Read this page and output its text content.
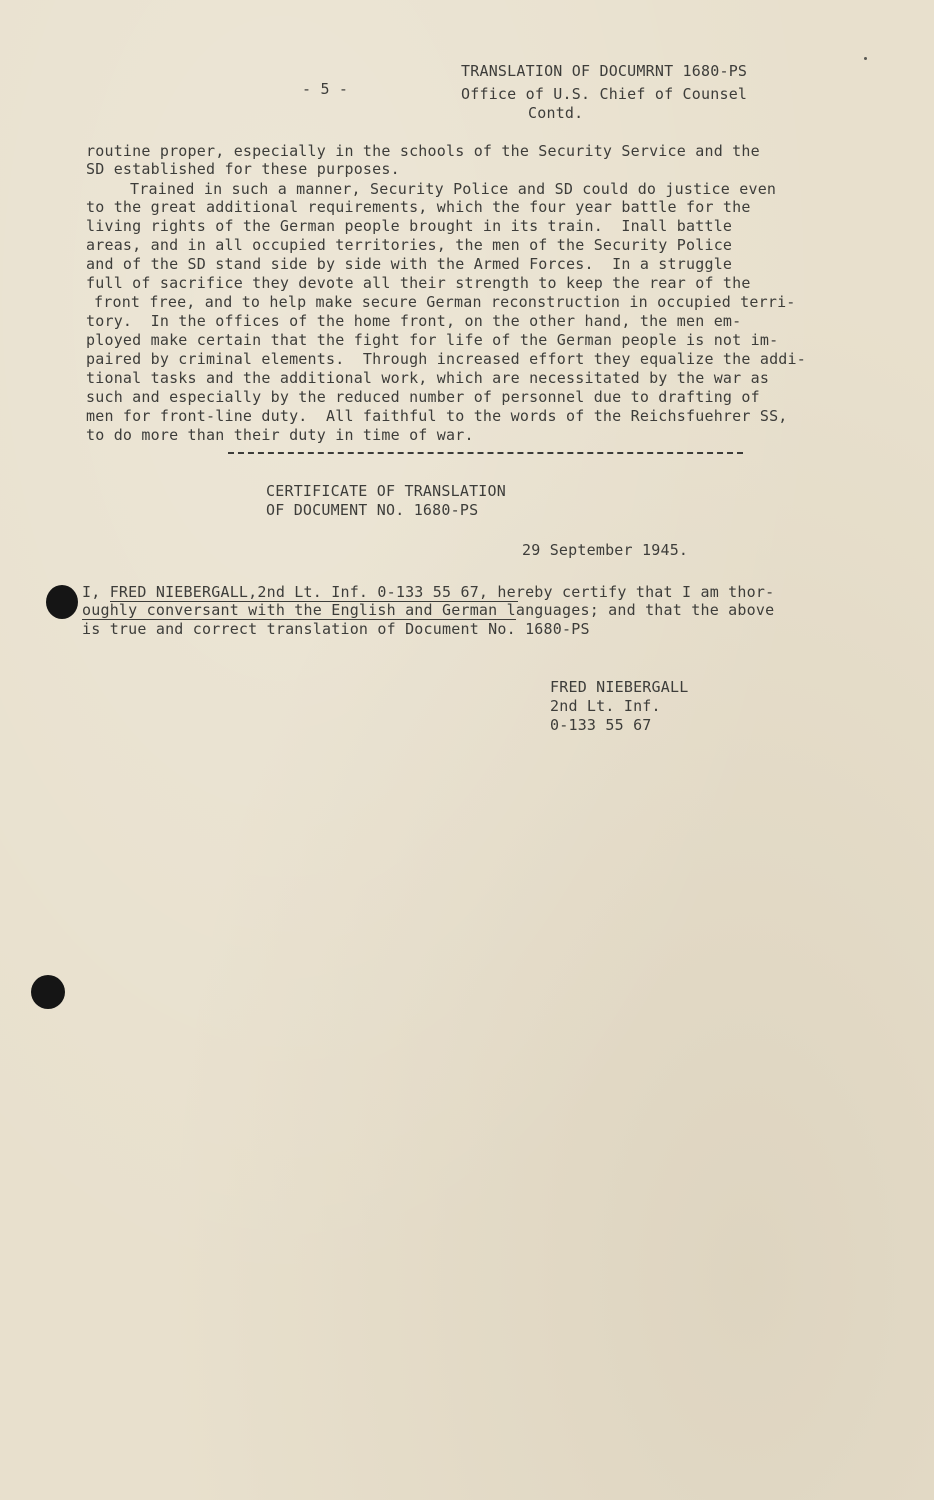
- 5 -
TRANSLATION OF DOCUMRNT 1680-PS
Office of U.S. Chief of Counsel
Contd.
routine proper, especially in the schools of the Security Service and the
SD established for these purposes.
Trained in such a manner, Security Police and SD could do justice even
to the great additional requirements, which the four year battle for the
living rights of the German people brought in its train.  Inall battle
areas, and in all occupied territories, the men of the Security Police
and of the SD stand side by side with the Armed Forces.  In a struggle
full of sacrifice they devote all their strength to keep the rear of the
front free, and to help make secure German reconstruction in occupied terri-
tory.  In the offices of the home front, on the other hand, the men em-
ployed make certain that the fight for life of the German people is not im-
paired by criminal elements.  Through increased effort they equalize the addi-
tional tasks and the additional work, which are necessitated by the war as
such and especially by the reduced number of personnel due to drafting of
men for front-line duty.  All faithful to the words of the Reichsfuehrer SS,
to do more than their duty in time of war.
CERTIFICATE OF TRANSLATION
OF DOCUMENT NO. 1680-PS
29 September 1945.
I, FRED NIEBERGALL,2nd Lt. Inf. 0-133 55 67, hereby certify that I am thor-
oughly conversant with the English and German languages; and that the above
is true and correct translation of Document No. 1680-PS
FRED NIEBERGALL
2nd Lt. Inf.
0-133 55 67
